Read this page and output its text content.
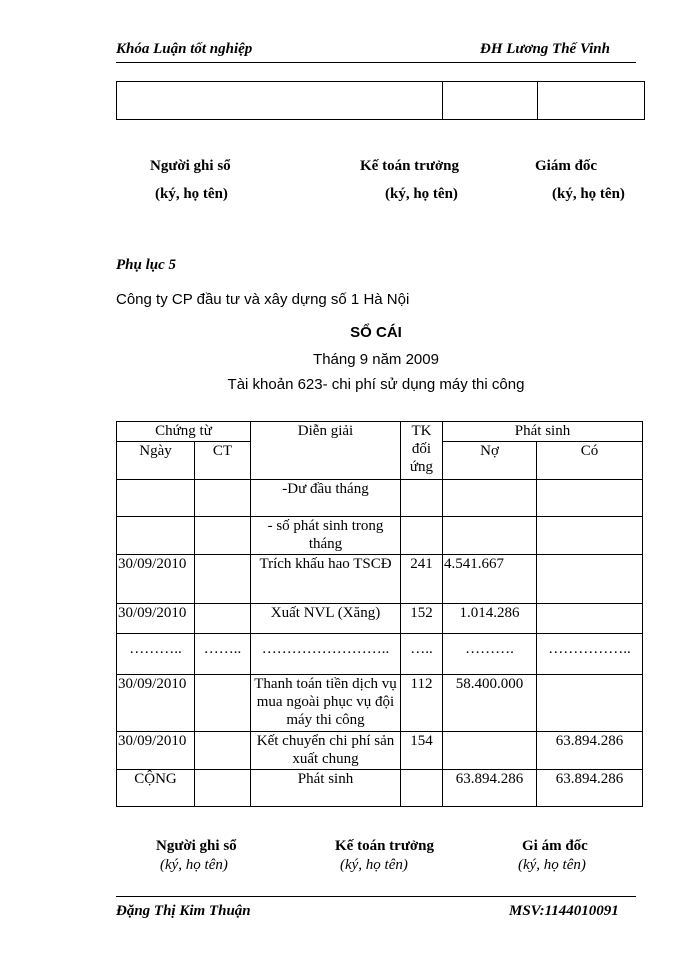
Khóa Luận tốt nghiệp	ĐH Lương Thế Vinh

Người ghi sổ
(ký, họ tên)
Kế toán trưởng
(ký, họ tên)
Giám đốc
(ký, họ tên)
Phụ lục 5
Công ty CP đầu tư và xây dựng số 1 Hà Nội
SỔ CÁI
Tháng 9 năm 2009
Tài khoản 623- chi phí sử dụng máy thi công
Chứng từ		Diễn giải	TK đối ứng	Phát sinh	
Ngày	CT			Nợ	Có
		-Dư đầu tháng			
		- số phát sinh trong tháng			
30/09/2010		Trích khấu hao TSCĐ	241	4.541.667	
30/09/2010		Xuất NVL (Xăng)	152	1.014.286	
………..	……..	……………………..	…..	……….	……………..
30/09/2010		Thanh toán tiền dịch vụ mua ngoài phục vụ đội máy thi công	112	58.400.000	
30/09/2010		Kết chuyển chi phí sản xuất chung	154		63.894.286
CỘNG		Phát sinh		63.894.286	63.894.286
Người ghi sổ
(ký, họ tên)
Kế toán trưởng
(ký, họ tên)
Gi ám đốc
(ký, họ tên)
Đặng Thị Kim Thuận	MSV:1144010091
